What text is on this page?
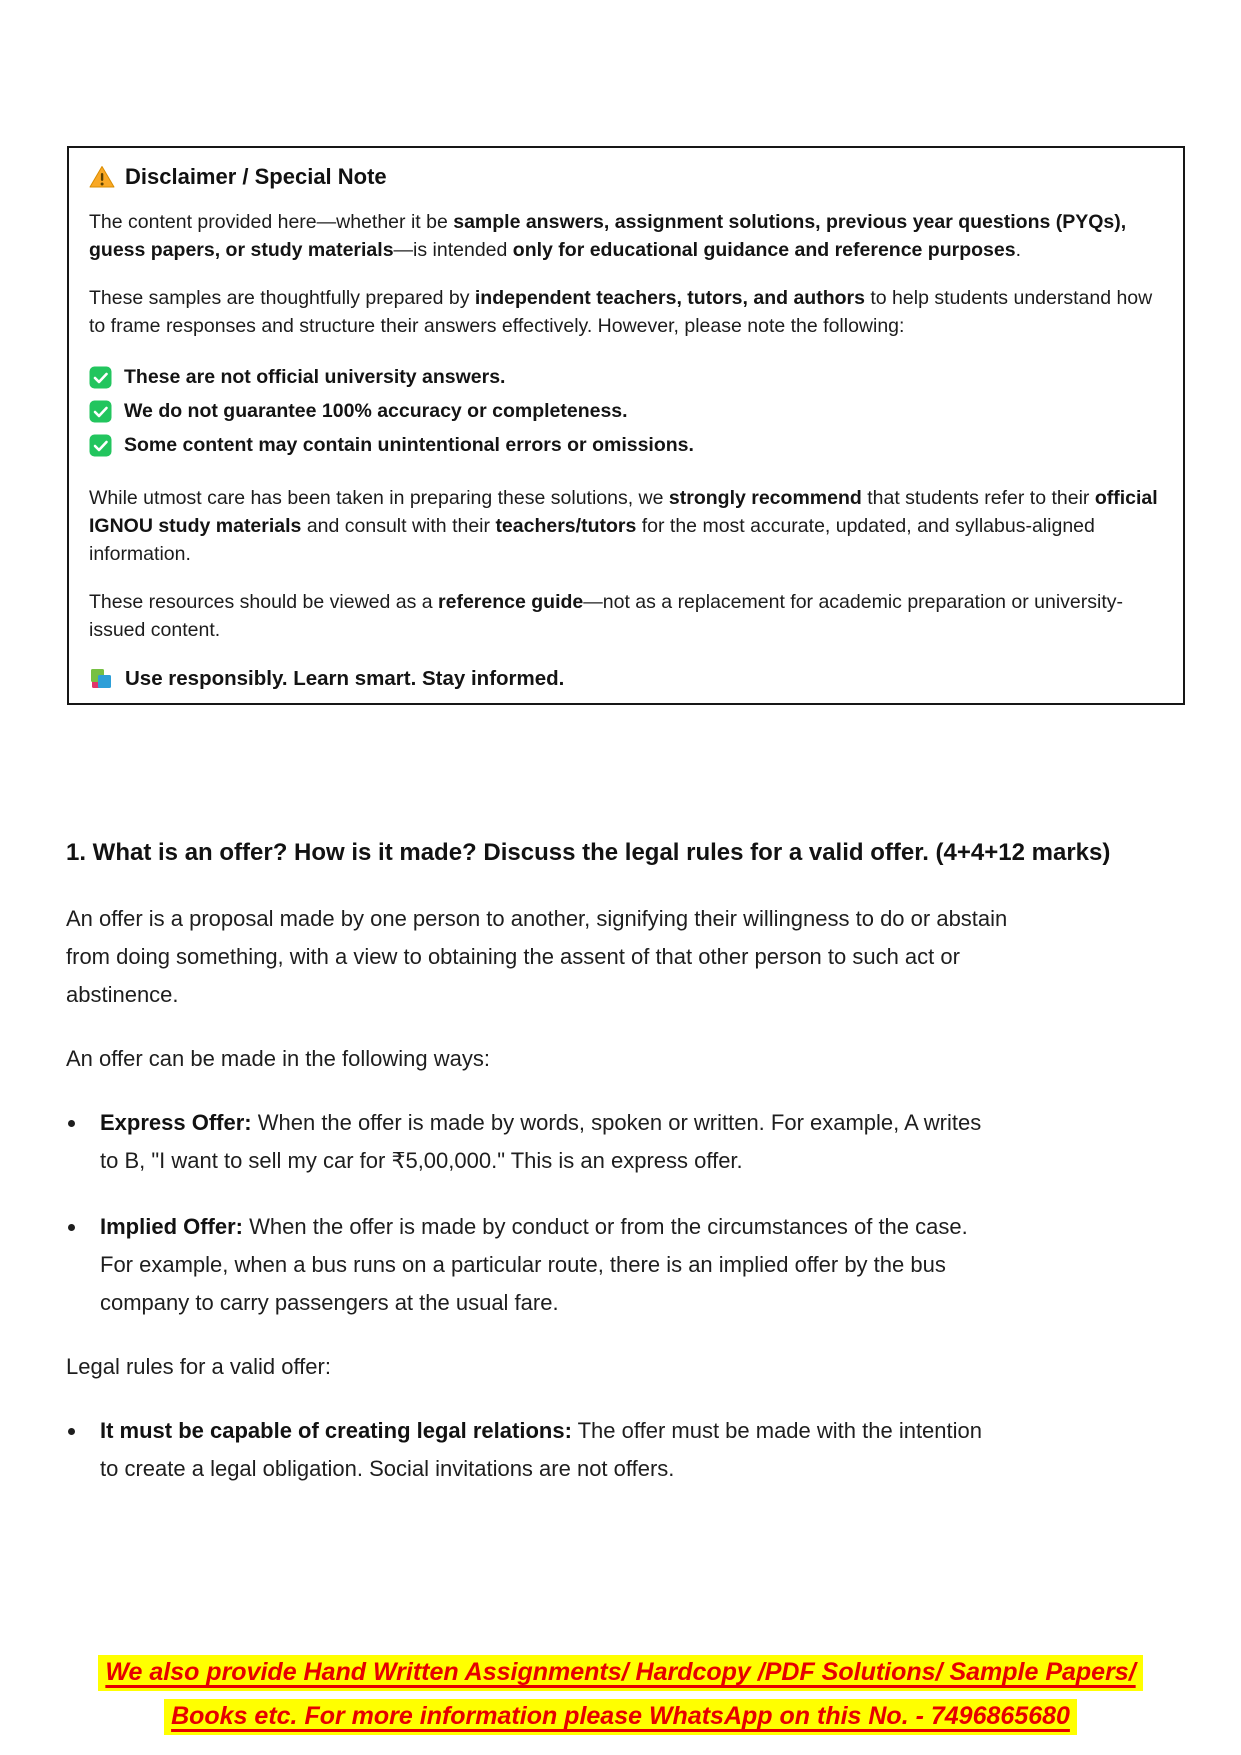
Disclaimer / Special Note

The content provided here—whether it be sample answers, assignment solutions, previous year questions (PYQs), guess papers, or study materials—is intended only for educational guidance and reference purposes.

These samples are thoughtfully prepared by independent teachers, tutors, and authors to help students understand how to frame responses and structure their answers effectively. However, please note the following:

These are not official university answers.
We do not guarantee 100% accuracy or completeness.
Some content may contain unintentional errors or omissions.

While utmost care has been taken in preparing these solutions, we strongly recommend that students refer to their official IGNOU study materials and consult with their teachers/tutors for the most accurate, updated, and syllabus-aligned information.

These resources should be viewed as a reference guide—not as a replacement for academic preparation or university-issued content.

Use responsibly. Learn smart. Stay informed.
1. What is an offer? How is it made? Discuss the legal rules for a valid offer. (4+4+12 marks)

An offer is a proposal made by one person to another, signifying their willingness to do or abstain from doing something, with a view to obtaining the assent of that other person to such act or abstinence.

An offer can be made in the following ways:

Express Offer: When the offer is made by words, spoken or written. For example, A writes to B, "I want to sell my car for ₹5,00,000." This is an express offer.
Implied Offer: When the offer is made by conduct or from the circumstances of the case. For example, when a bus runs on a particular route, there is an implied offer by the bus company to carry passengers at the usual fare.

Legal rules for a valid offer:

It must be capable of creating legal relations: The offer must be made with the intention to create a legal obligation. Social invitations are not offers.
We also provide Hand Written Assignments/ Hardcopy /PDF Solutions/ Sample Papers/
Books etc. For more information please WhatsApp on this No. - 7496865680
